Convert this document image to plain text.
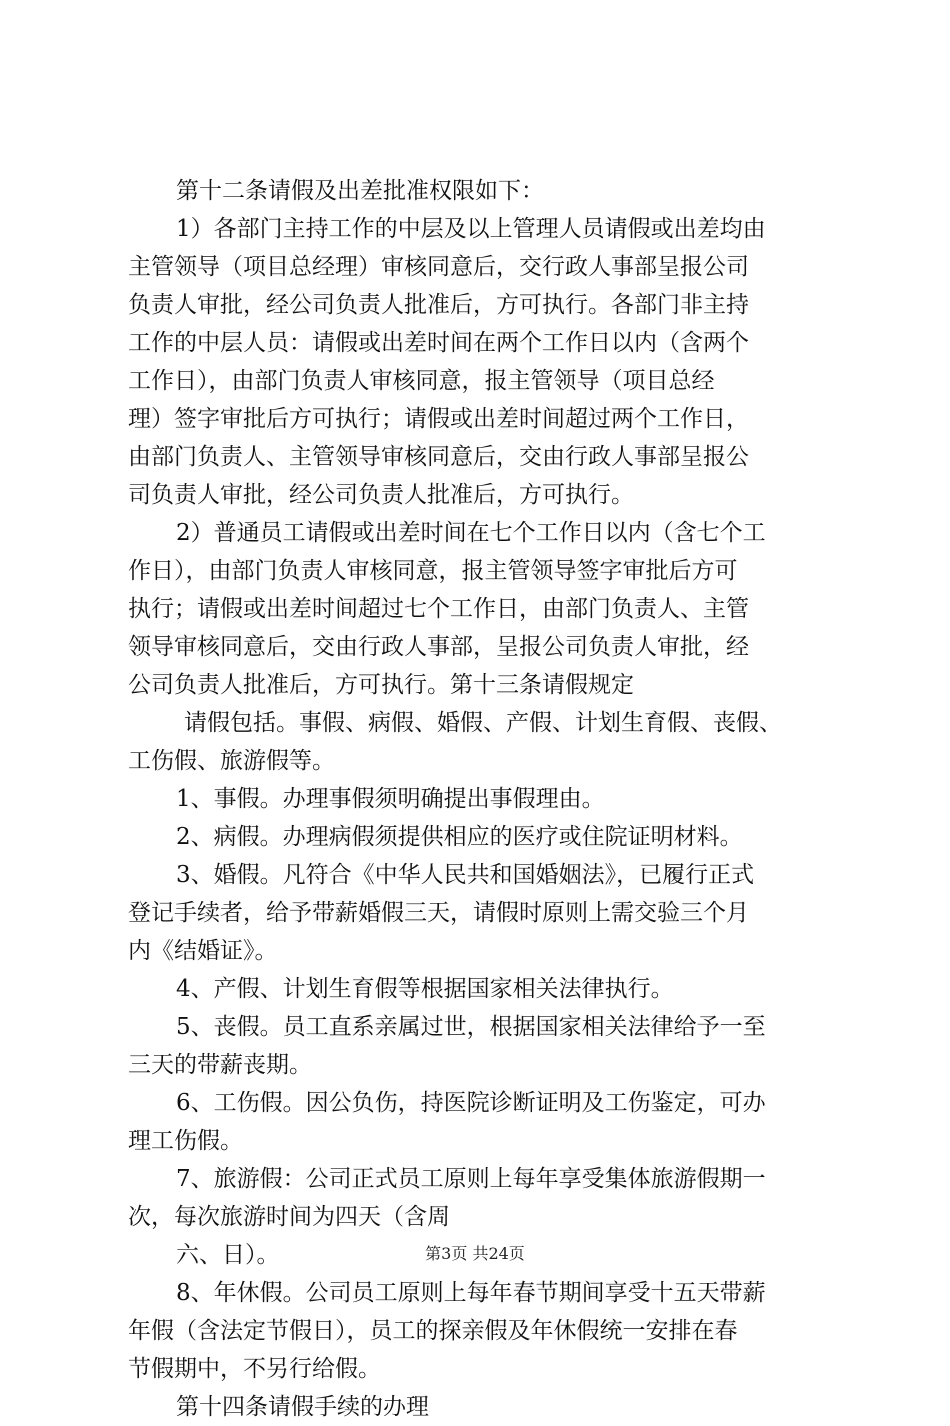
第十二条请假及出差批准权限如下：
1）各部门主持工作的中层及以上管理人员请假或出差均由
主管领导（项目总经理）审核同意后，交行政人事部呈报公司
负责人审批，经公司负责人批准后，方可执行。各部门非主持
工作的中层人员：请假或出差时间在两个工作日以内（含两个
工作日），由部门负责人审核同意，报主管领导（项目总经
理）签字审批后方可执行；请假或出差时间超过两个工作日，
由部门负责人、主管领导审核同意后，交由行政人事部呈报公
司负责人审批，经公司负责人批准后，方可执行。
2）普通员工请假或出差时间在七个工作日以内（含七个工
作日），由部门负责人审核同意，报主管领导签字审批后方可
执行；请假或出差时间超过七个工作日，由部门负责人、主管
领导审核同意后，交由行政人事部，呈报公司负责人审批，经
公司负责人批准后，方可执行。第十三条请假规定
请假包括。事假、病假、婚假、产假、计划生育假、丧假、
工伤假、旅游假等。
1、事假。办理事假须明确提出事假理由。
2、病假。办理病假须提供相应的医疗或住院证明材料。
3、婚假。凡符合《中华人民共和国婚姻法》，已履行正式
登记手续者，给予带薪婚假三天，请假时原则上需交验三个月
内《结婚证》。
4、产假、计划生育假等根据国家相关法律执行。
5、丧假。员工直系亲属过世，根据国家相关法律给予一至
三天的带薪丧期。
6、工伤假。因公负伤，持医院诊断证明及工伤鉴定，可办
理工伤假。
7、旅游假：公司正式员工原则上每年享受集体旅游假期一
次，每次旅游时间为四天（含周
六、日）。
8、年休假。公司员工原则上每年春节期间享受十五天带薪
年假（含法定节假日），员工的探亲假及年休假统一安排在春
节假期中，不另行给假。
第十四条请假手续的办理
第3页 共24页
